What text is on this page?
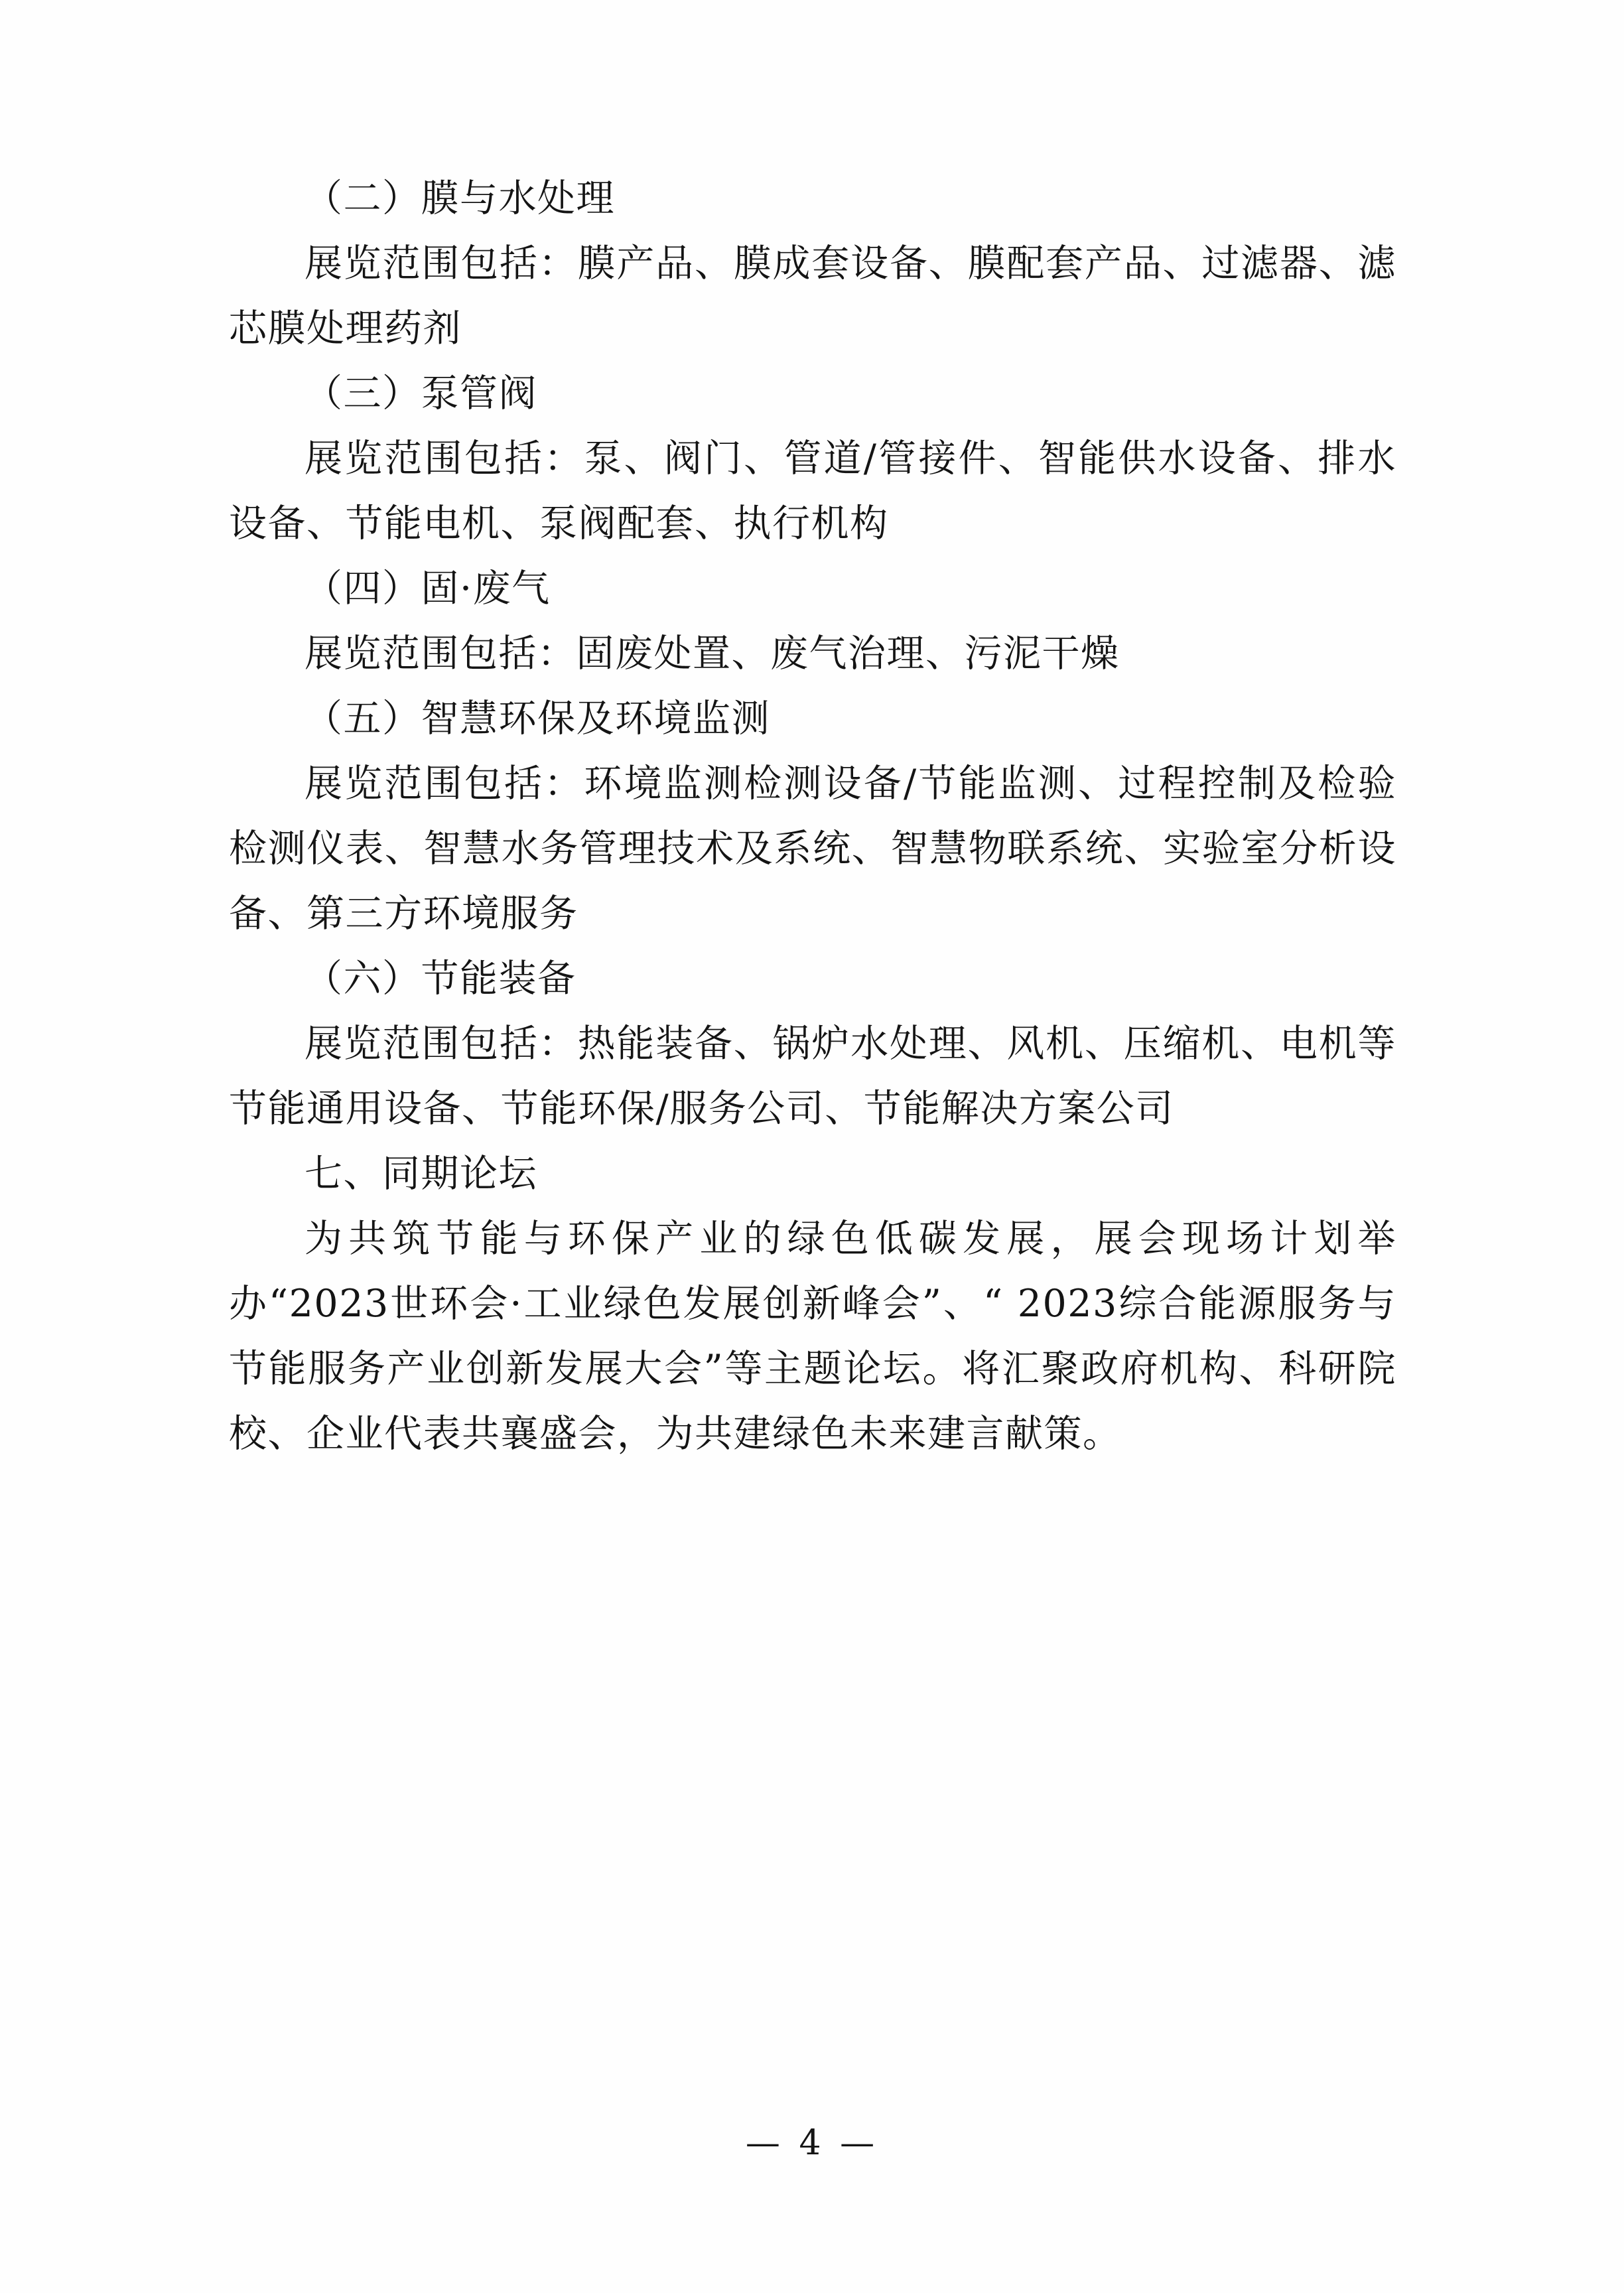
（二）膜与水处理

展览范围包括：膜产品、膜成套设备、膜配套产品、过滤器、滤芯膜处理药剂

（三）泵管阀

展览范围包括：泵、阀门、管道/管接件、智能供水设备、排水设备、节能电机、泵阀配套、执行机构

（四）固·废气

展览范围包括：固废处置、废气治理、污泥干燥

（五）智慧环保及环境监测

展览范围包括：环境监测检测设备/节能监测、过程控制及检验检测仪表、智慧水务管理技术及系统、智慧物联系统、实验室分析设备、第三方环境服务

（六）节能装备

展览范围包括：热能装备、锅炉水处理、风机、压缩机、电机等节能通用设备、节能环保/服务公司、节能解决方案公司

七、同期论坛

为共筑节能与环保产业的绿色低碳发展，展会现场计划举办“2023世环会·工业绿色发展创新峰会”、“ 2023综合能源服务与节能服务产业创新发展大会”等主题论坛。将汇聚政府机构、科研院校、企业代表共襄盛会，为共建绿色未来建言献策。

— 4 —
